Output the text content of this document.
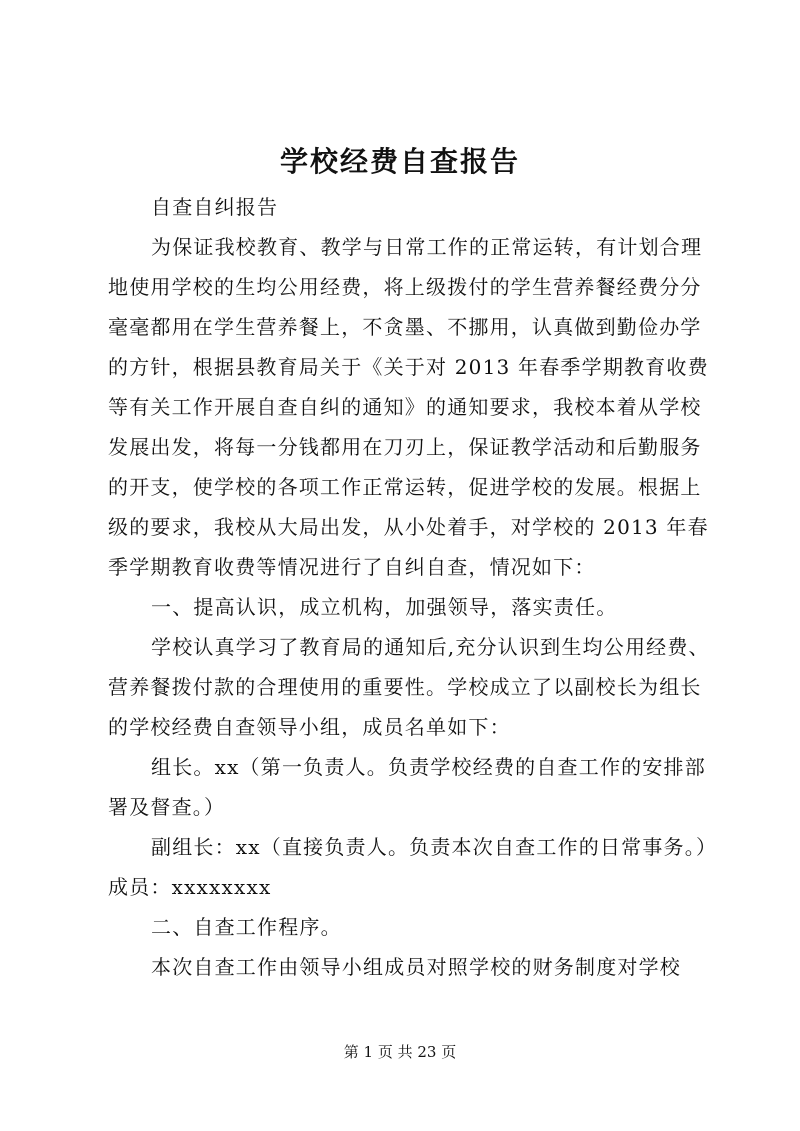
学校经费自查报告
自查自纠报告
为保证我校教育、教学与日常工作的正常运转，有计划合理
地使用学校的生均公用经费，将上级拨付的学生营养餐经费分分
毫毫都用在学生营养餐上，不贪墨、不挪用，认真做到勤俭办学
的方针，根据县教育局关于《关于对 2013 年春季学期教育收费
等有关工作开展自查自纠的通知》的通知要求，我校本着从学校
发展出发，将每一分钱都用在刀刃上，保证教学活动和后勤服务
的开支，使学校的各项工作正常运转，促进学校的发展。根据上
级的要求，我校从大局出发，从小处着手，对学校的 2013 年春
季学期教育收费等情况进行了自纠自查，情况如下：
一、提高认识，成立机构，加强领导，落实责任。
学校认真学习了教育局的通知后,充分认识到生均公用经费、
营养餐拨付款的合理使用的重要性。学校成立了以副校长为组长
的学校经费自查领导小组，成员名单如下：
组长。xx（第一负责人。负责学校经费的自查工作的安排部
署及督查。）
副组长：xx（直接负责人。负责本次自查工作的日常事务。）
成员：xxxxxxxx
二、自查工作程序。
本次自查工作由领导小组成员对照学校的财务制度对学校
第 1 页 共 23 页
